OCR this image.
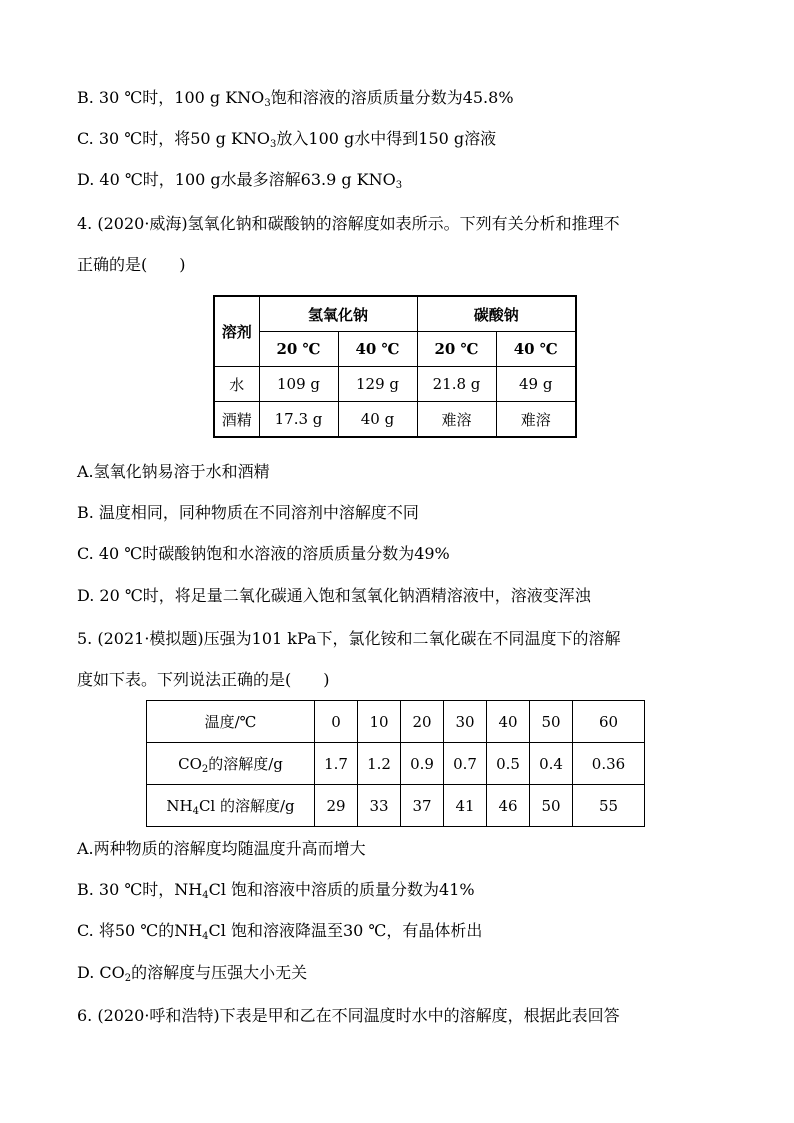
B. 30 ℃时，100 g $KNO_3$饱和溶液的溶质质量分数为45.8%
C. 30 ℃时，将50 g $KNO_3$放入100 g水中得到150 g溶液
D. 40 ℃时，100 g水最多溶解63.9 g $KNO_3$
4. (2020·威海)氢氧化钠和碳酸钠的溶解度如表所示。下列有关分析和推理不
正确的是(　　)
溶剂	氢氧化钠		碳酸钠	
	20 ℃	40 ℃	20 ℃	40 ℃
水	109 g	129 g	21.8 g	49 g
酒精	17.3 g	40 g	难溶	难溶
A.氢氧化钠易溶于水和酒精
B. 温度相同，同种物质在不同溶剂中溶解度不同
C. 40 ℃时碳酸钠饱和水溶液的溶质质量分数为49%
D. 20 ℃时，将足量二氧化碳通入饱和氢氧化钠酒精溶液中，溶液变浑浊
5. (2021·模拟题)压强为101 kPa下，氯化铵和二氧化碳在不同温度下的溶解
度如下表。下列说法正确的是(　　)
温度/℃	0	10	20	30	40	50	60
$CO_2$的溶解度/g	1.7	1.2	0.9	0.7	0.5	0.4	0.36
$NH_4Cl$ 的溶解度/g	29	33	37	41	46	50	55
A.两种物质的溶解度均随温度升高而增大
B. 30 ℃时，$NH_4Cl$ 饱和溶液中溶质的质量分数为41%
C. 将50 ℃的$NH_4Cl$ 饱和溶液降温至30 ℃，有晶体析出
D. $CO_2$的溶解度与压强大小无关
6. (2020·呼和浩特)下表是甲和乙在不同温度时水中的溶解度，根据此表回答
